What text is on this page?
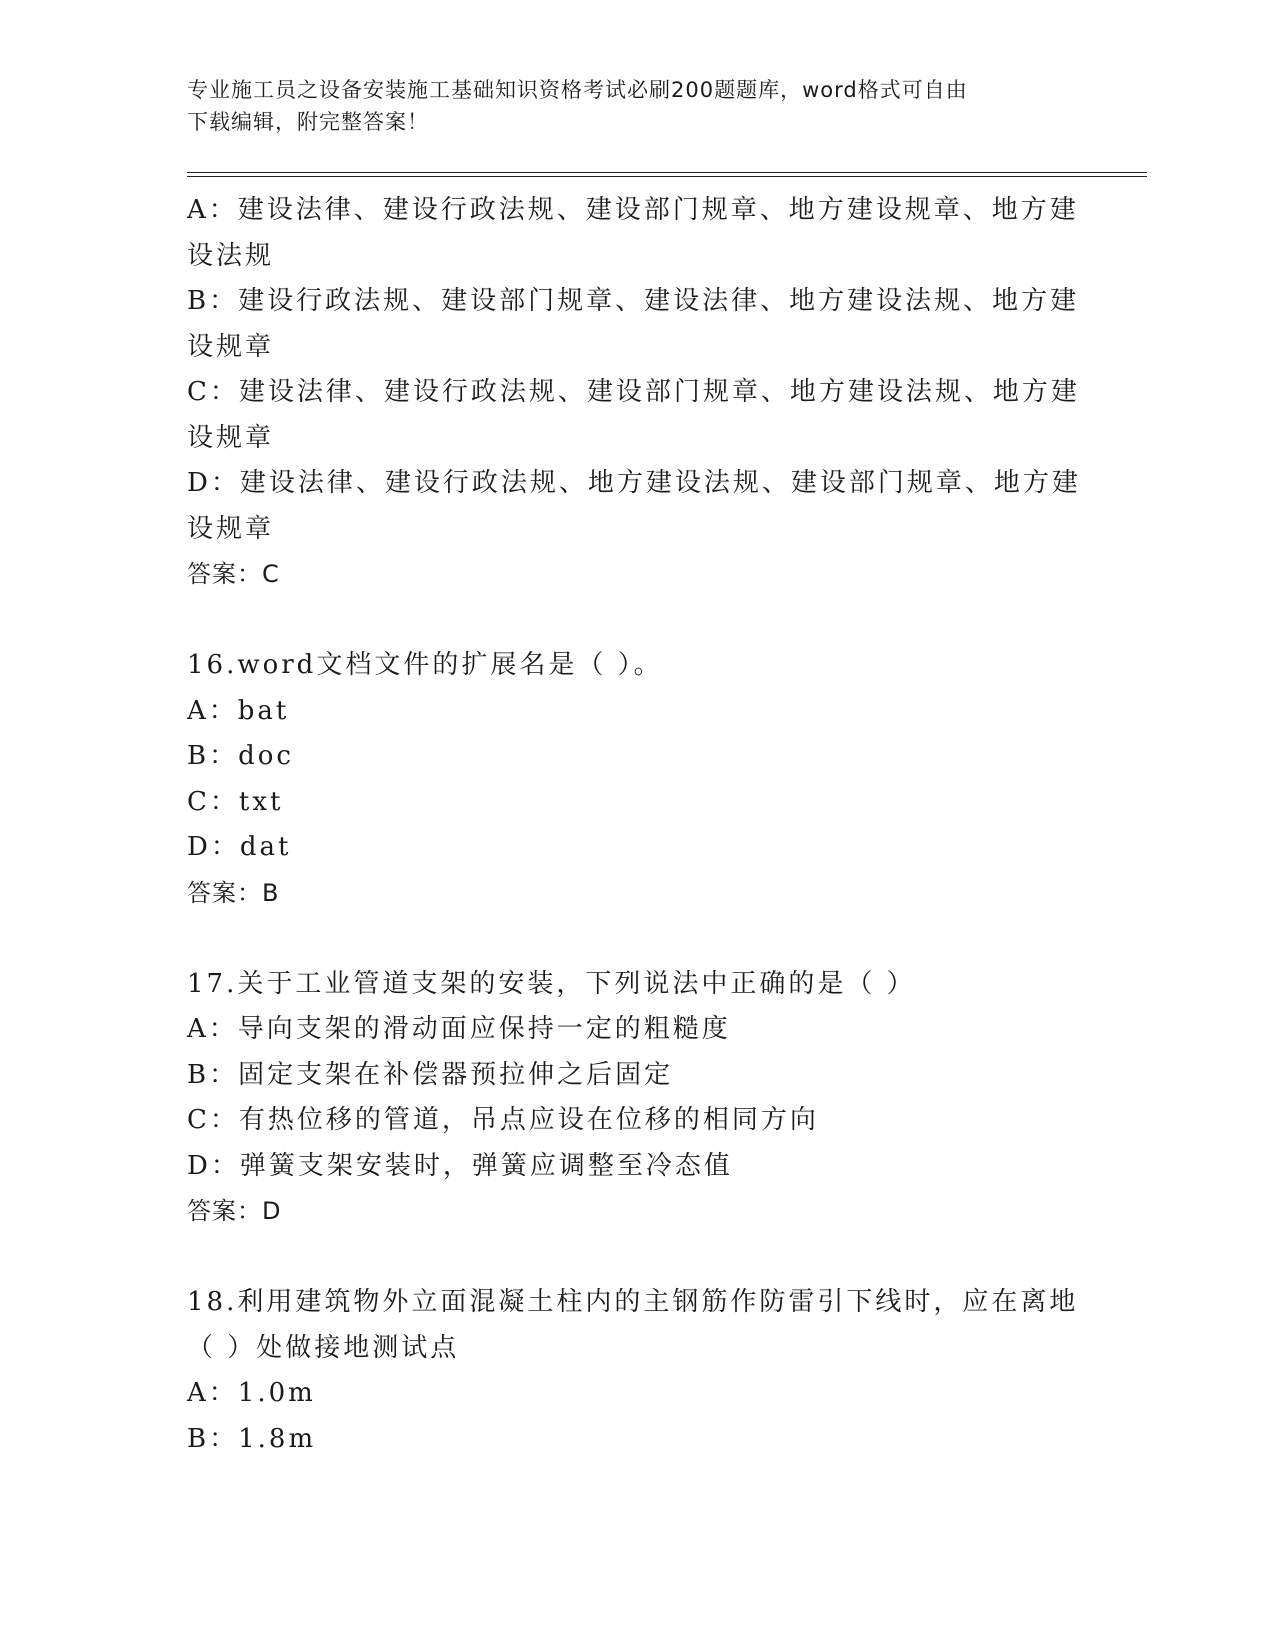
专业施工员之设备安装施工基础知识资格考试必刷200题题库，word格式可自由
下载编辑，附完整答案！
A：建设法律、建设行政法规、建设部门规章、地方建设规章、地方建
设法规
B：建设行政法规、建设部门规章、建设法律、地方建设法规、地方建
设规章
C：建设法律、建设行政法规、建设部门规章、地方建设法规、地方建
设规章
D：建设法律、建设行政法规、地方建设法规、建设部门规章、地方建
设规章
答案：C
16.word文档文件的扩展名是（ ）。
A：bat
B：doc
C：txt
D：dat
答案：B
17.关于工业管道支架的安装，下列说法中正确的是（ ）
A：导向支架的滑动面应保持一定的粗糙度
B：固定支架在补偿器预拉伸之后固定
C：有热位移的管道，吊点应设在位移的相同方向
D：弹簧支架安装时，弹簧应调整至冷态值
答案：D
18.利用建筑物外立面混凝土柱内的主钢筋作防雷引下线时，应在离地
（ ）处做接地测试点
A：1.0m
B：1.8m
